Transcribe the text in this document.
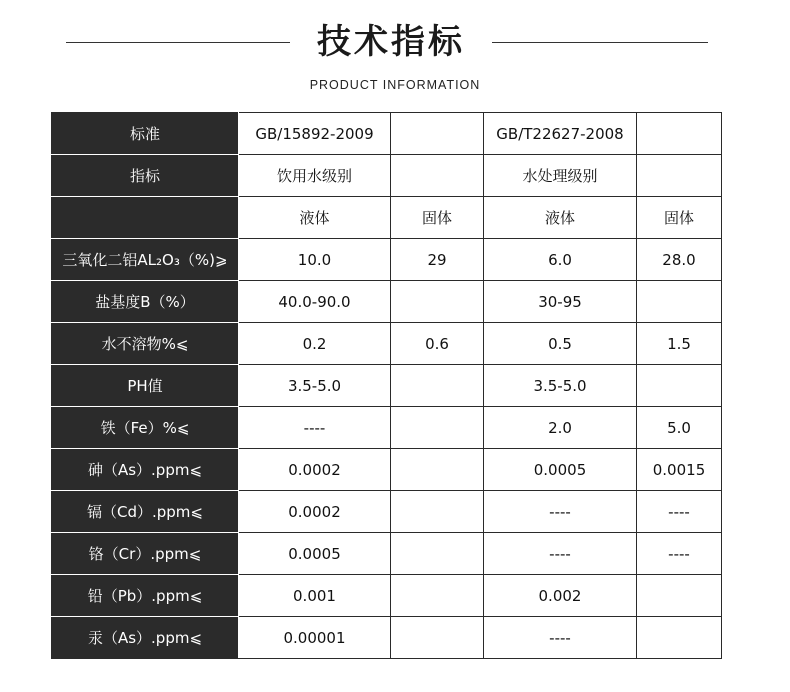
技术指标
PRODUCT INFORMATION
标准	GB/15892-2009		GB/T22627-2008	
指标	饮用水级别		水处理级别	
	液体	固体	液体	固体
三氧化二铝AL₂O₃（%)⩾	10.0	29	6.0	28.0
盐基度B（%）	40.0-90.0		30-95	
水不溶物%⩽	0.2	0.6	0.5	1.5
PH值	3.5-5.0		3.5-5.0	
铁（Fe）%⩽	----		2.0	5.0
砷（As）.ppm⩽	0.0002		0.0005	0.0015
镉（Cd）.ppm⩽	0.0002		----	----
铬（Cr）.ppm⩽	0.0005		----	----
铅（Pb）.ppm⩽	0.001		0.002	
汞（As）.ppm⩽	0.00001		----	
